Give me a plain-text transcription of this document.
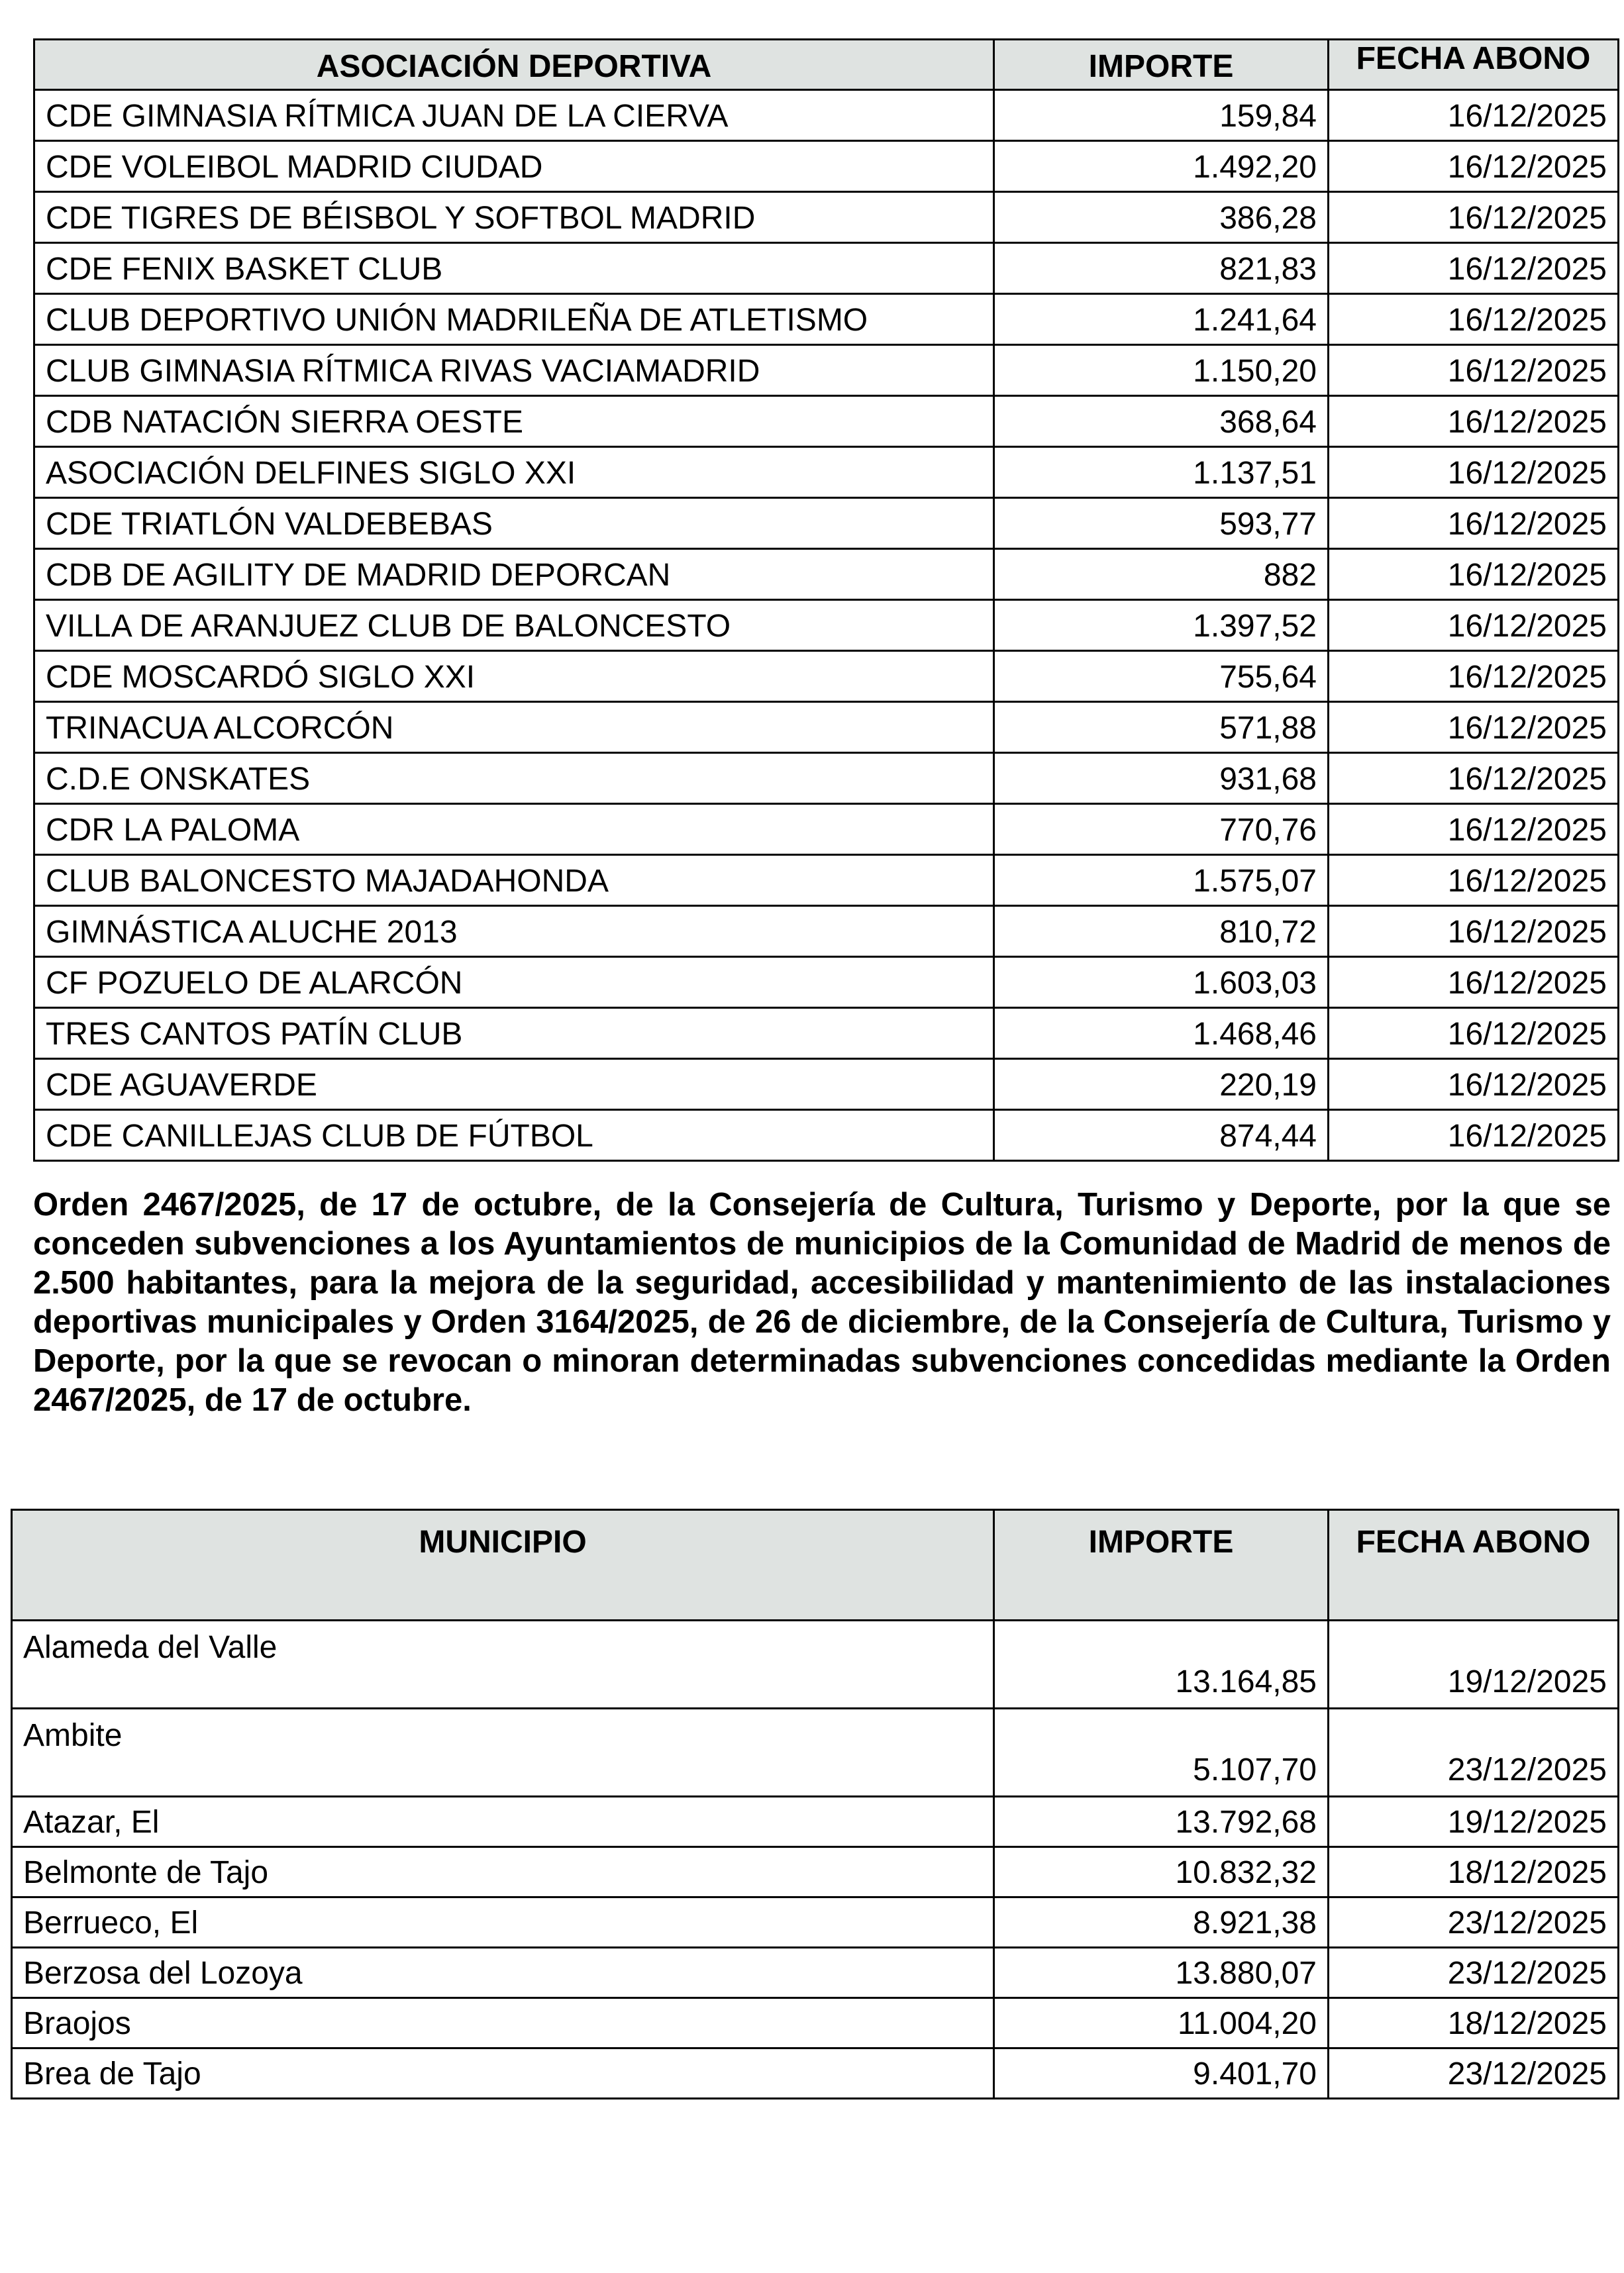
ASOCIACIÓN DEPORTIVA	IMPORTE	FECHA ABONO
CDE GIMNASIA RÍTMICA JUAN DE LA CIERVA	159,84	16/12/2025
CDE VOLEIBOL MADRID CIUDAD	1.492,20	16/12/2025
CDE TIGRES DE BÉISBOL Y SOFTBOL MADRID	386,28	16/12/2025
CDE FENIX BASKET CLUB	821,83	16/12/2025
CLUB DEPORTIVO UNIÓN MADRILEÑA DE ATLETISMO	1.241,64	16/12/2025
CLUB GIMNASIA RÍTMICA RIVAS VACIAMADRID	1.150,20	16/12/2025
CDB NATACIÓN SIERRA OESTE	368,64	16/12/2025
ASOCIACIÓN DELFINES SIGLO XXI	1.137,51	16/12/2025
CDE TRIATLÓN VALDEBEBAS	593,77	16/12/2025
CDB DE AGILITY DE MADRID DEPORCAN	882	16/12/2025
VILLA DE ARANJUEZ CLUB DE BALONCESTO	1.397,52	16/12/2025
CDE MOSCARDÓ SIGLO XXI	755,64	16/12/2025
TRINACUA ALCORCÓN	571,88	16/12/2025
C.D.E ONSKATES	931,68	16/12/2025
CDR LA PALOMA	770,76	16/12/2025
CLUB BALONCESTO MAJADAHONDA	1.575,07	16/12/2025
GIMNÁSTICA ALUCHE 2013	810,72	16/12/2025
CF POZUELO DE ALARCÓN	1.603,03	16/12/2025
TRES CANTOS PATÍN CLUB	1.468,46	16/12/2025
CDE AGUAVERDE	220,19	16/12/2025
CDE CANILLEJAS CLUB DE FÚTBOL	874,44	16/12/2025

Orden 2467/2025, de 17 de octubre, de la Consejería de Cultura, Turismo y Deporte, por la que se conceden subvenciones a los Ayuntamientos de municipios de la Comunidad de Madrid de menos de 2.500 habitantes, para la mejora de la seguridad, accesibilidad y mantenimiento de las instalaciones deportivas municipales y Orden 3164/2025, de 26 de diciembre, de la Consejería de Cultura, Turismo y Deporte, por la que se revocan o minoran determinadas subvenciones concedidas mediante la Orden 2467/2025, de 17 de octubre.

MUNICIPIO	IMPORTE	FECHA ABONO
Alameda del Valle	13.164,85	19/12/2025
Ambite	5.107,70	23/12/2025
Atazar, El	13.792,68	19/12/2025
Belmonte de Tajo	10.832,32	18/12/2025
Berrueco, El	8.921,38	23/12/2025
Berzosa del Lozoya	13.880,07	23/12/2025
Braojos	11.004,20	18/12/2025
Brea de Tajo	9.401,70	23/12/2025
